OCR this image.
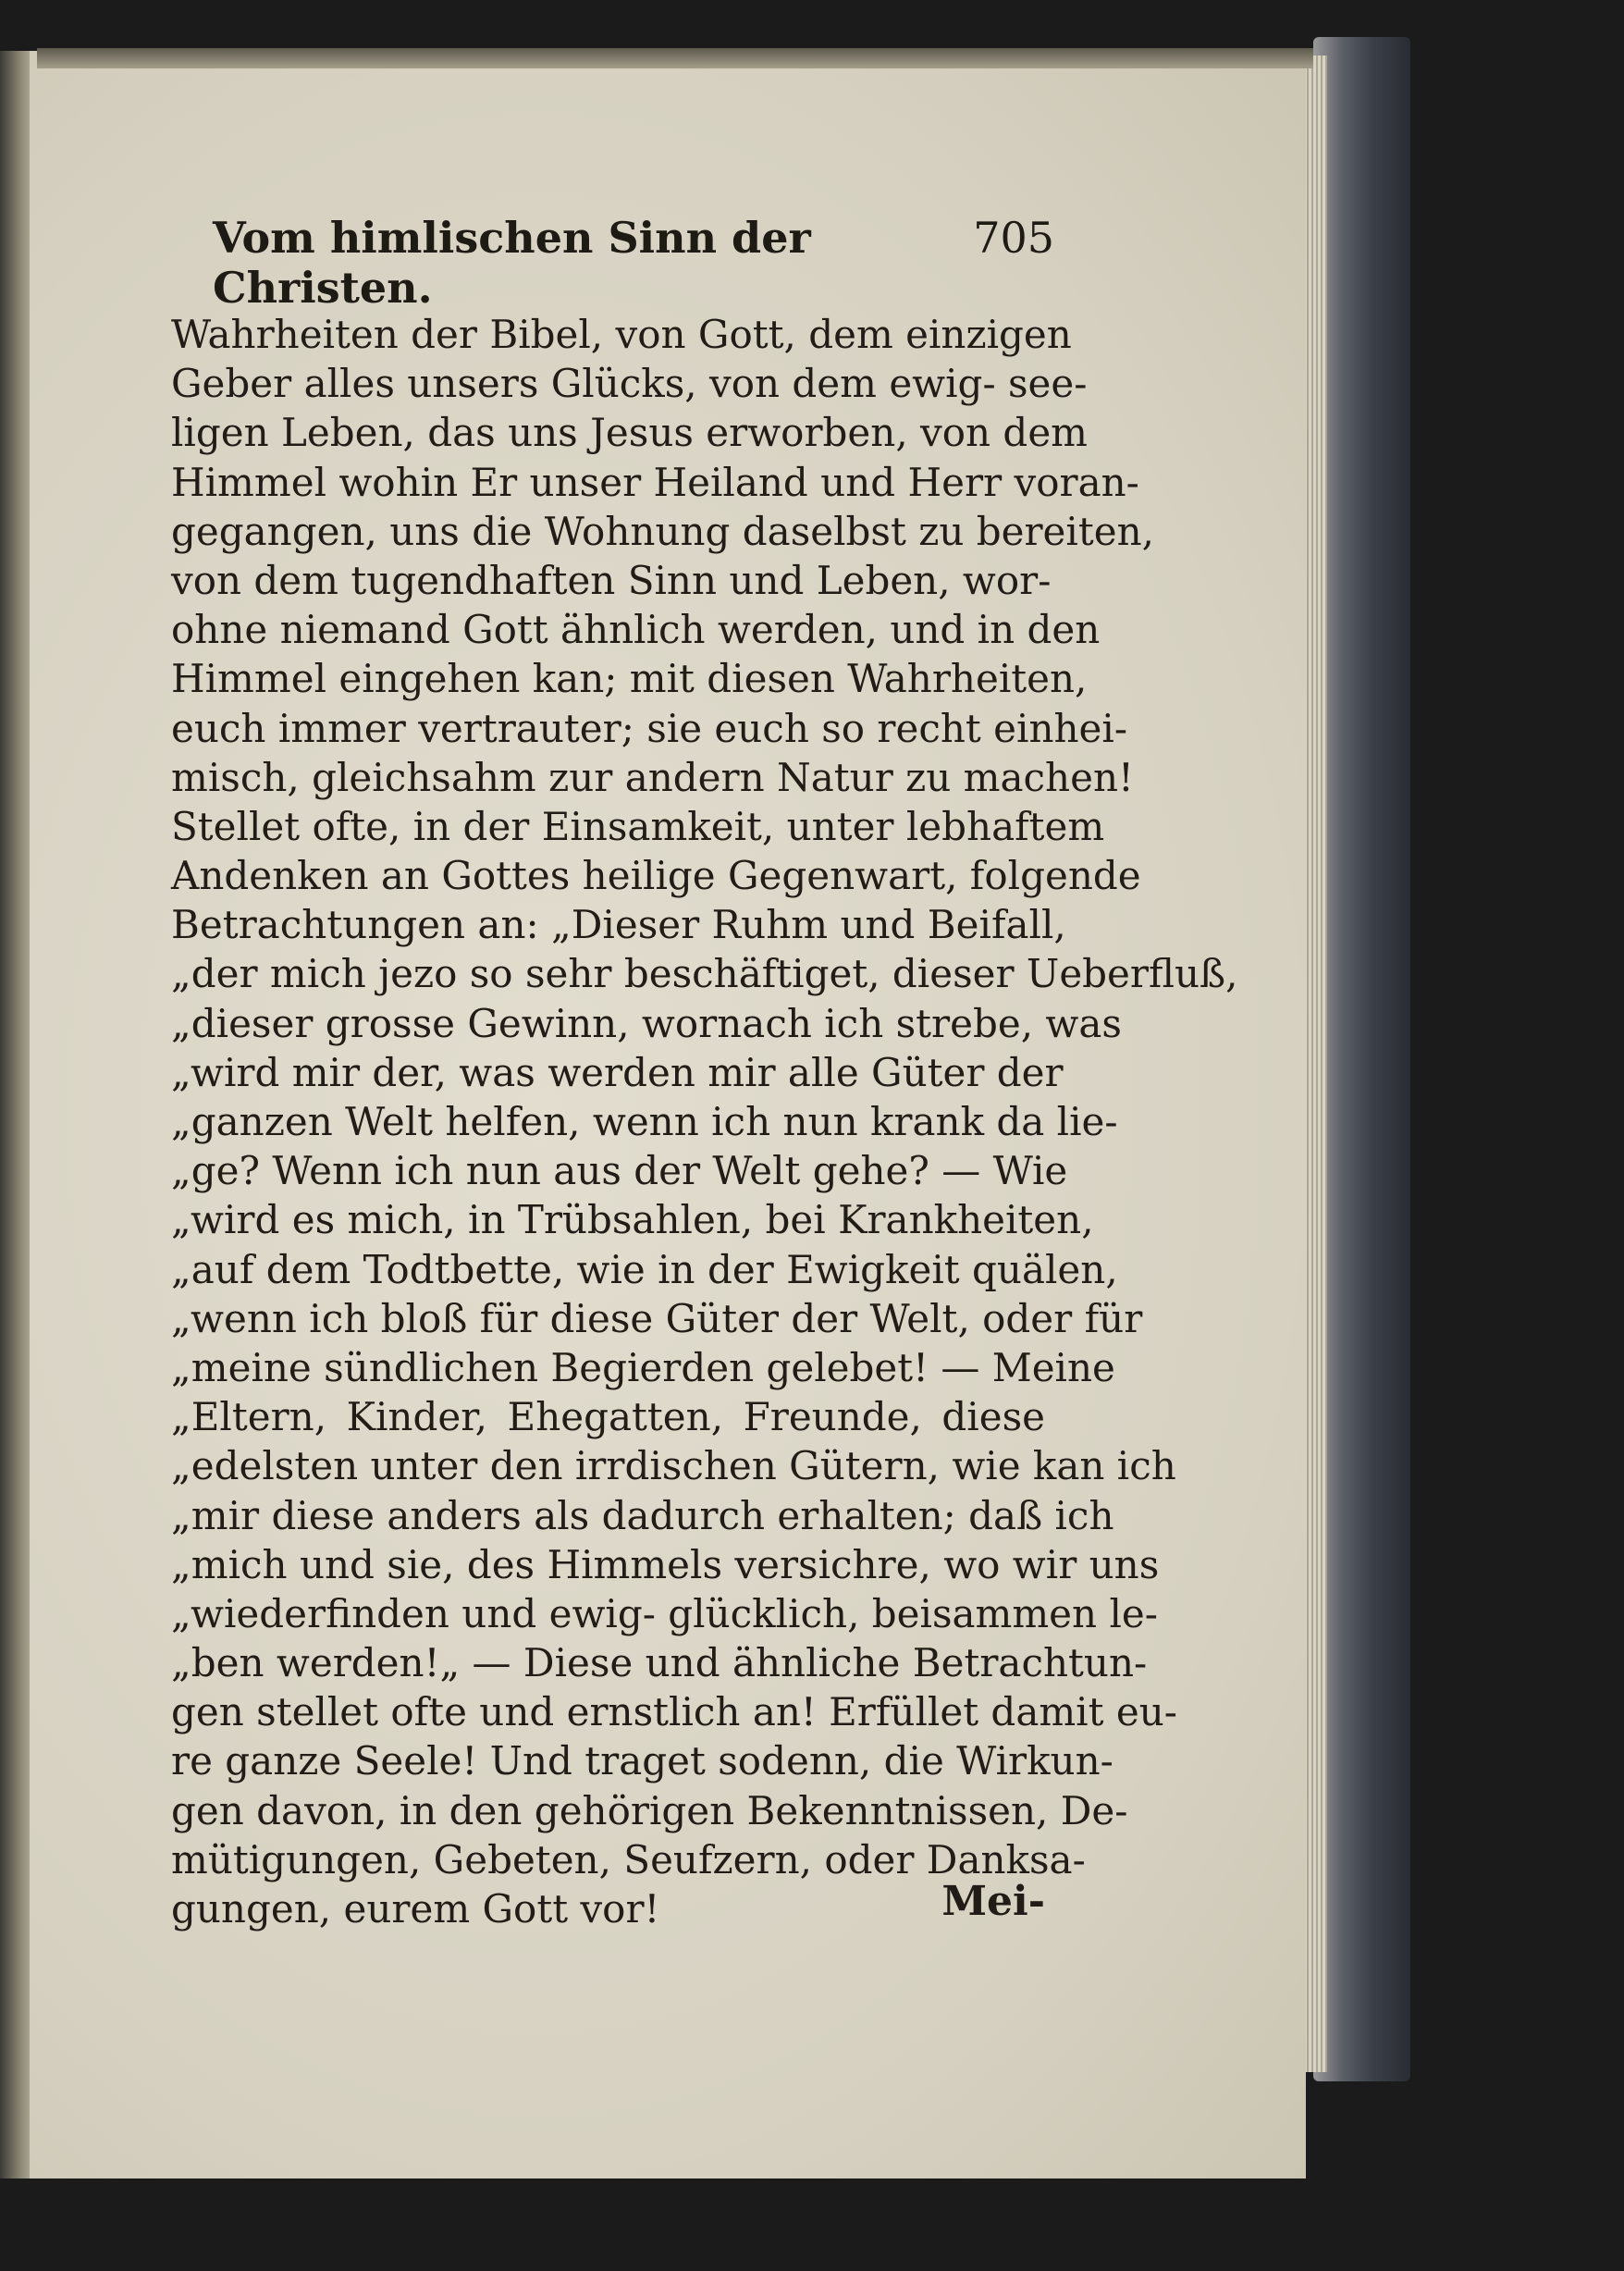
Vom himlischen Sinn der Christen.
705
Wahrheiten der Bibel, von Gott, dem einzigen
Geber alles unsers Glücks, von dem ewig- see-
ligen Leben, das uns Jesus erworben, von dem
Himmel wohin Er unser Heiland und Herr voran-
gegangen, uns die Wohnung daselbst zu bereiten,
von dem tugendhaften Sinn und Leben, wor-
ohne niemand Gott ähnlich werden, und in den
Himmel eingehen kan; mit diesen Wahrheiten,
euch immer vertrauter; sie euch so recht einhei-
misch, gleichsahm zur andern Natur zu machen!
Stellet ofte, in der Einsamkeit, unter lebhaftem
Andenken an Gottes heilige Gegenwart, folgende
Betrachtungen an: „Dieser Ruhm und Beifall,
„der mich jezo so sehr beschäftiget, dieser Ueberfluß,
„dieser grosse Gewinn, wornach ich strebe, was
„wird mir der, was werden mir alle Güter der
„ganzen Welt helfen, wenn ich nun krank da lie-
„ge? Wenn ich nun aus der Welt gehe? — Wie
„wird es mich, in Trübsahlen, bei Krankheiten,
„auf dem Todtbette, wie in der Ewigkeit quälen,
„wenn ich bloß für diese Güter der Welt, oder für
„meine sündlichen Begierden gelebet! — Meine
„Eltern, Kinder, Ehegatten, Freunde, diese
„edelsten unter den irrdischen Gütern, wie kan ich
„mir diese anders als dadurch erhalten; daß ich
„mich und sie, des Himmels versichre, wo wir uns
„wiederfinden und ewig- glücklich, beisammen le-
„ben werden!„ — Diese und ähnliche Betrachtun-
gen stellet ofte und ernstlich an! Erfüllet damit eu-
re ganze Seele! Und traget sodenn, die Wirkun-
gen davon, in den gehörigen Bekenntnissen, De-
mütigungen, Gebeten, Seufzern, oder Danksa-
gungen, eurem Gott vor!	Mei-
